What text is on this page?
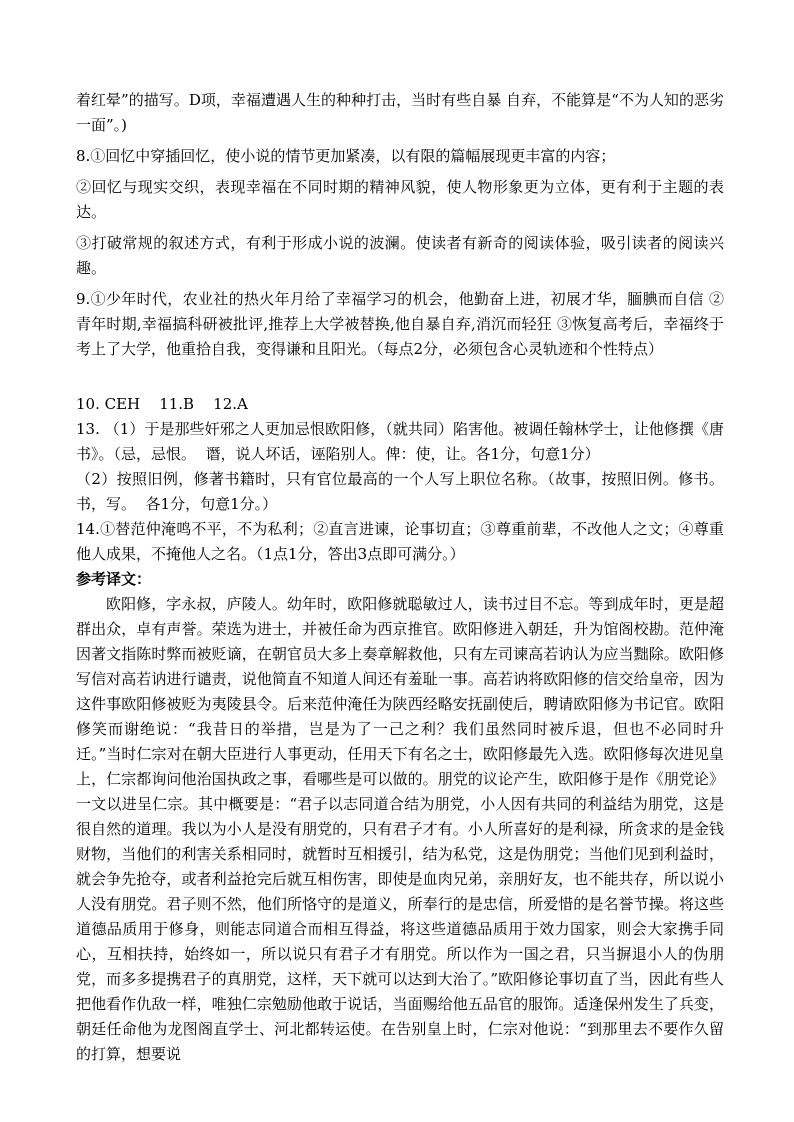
着红晕”的描写。D项，幸福遭遇人生的种种打击，当时有些自暴 自弃，不能算是“不为人知的恶劣一面”。)

8.①回忆中穿插回忆，使小说的情节更加紧凑，以有限的篇幅展现更丰富的内容；

②回忆与现实交织，表现幸福在不同时期的精神风貌，使人物形象更为立体，更有利于主题的表达。

③打破常规的叙述方式，有利于形成小说的波澜。使读者有新奇的阅读体验，吸引读者的阅读兴趣。

9.①少年时代，农业社的热火年月给了幸福学习的机会，他勤奋上进，初展才华，腼腆而自信 ②青年时期,幸福搞科研被批评,推荐上大学被替换,他自暴自弃,消沉而轻狂 ③恢复高考后，幸福终于考上了大学，他重拾自我，变得谦和且阳光。（每点2分，必须包含心灵轨迹和个性特点）

10. CEH    11.B    12.A

13. （1）于是那些奸邪之人更加忌恨欧阳修，（就共同）陷害他。被调任翰林学士，让他修撰《唐书》。（忌，忌恨。  谮，说人坏话，诬陷别人。俾：使，让。各1分，句意1分）

（2）按照旧例，修著书籍时，只有官位最高的一个人写上职位名称。（故事，按照旧例。修书。书，写。  各1分，句意1分。）

14.①替范仲淹鸣不平，不为私利；②直言进谏，论事切直；③尊重前辈，不改他人之文；④尊重他人成果，不掩他人之名。（1点1分，答出3点即可满分。）

参考译文：

欧阳修，字永叔，庐陵人。幼年时，欧阳修就聪敏过人，读书过目不忘。等到成年时，更是超群出众，卓有声誉。荣选为进士，并被任命为西京推官。欧阳修进入朝廷，升为馆阁校勘。范仲淹因著文指陈时弊而被贬谪，在朝官员大多上奏章解救他，只有左司谏高若讷认为应当黜除。欧阳修写信对高若讷进行谴责，说他简直不知道人间还有羞耻一事。高若讷将欧阳修的信交给皇帝，因为这件事欧阳修被贬为夷陵县令。后来范仲淹任为陕西经略安抚副使后，聘请欧阳修为书记官。欧阳修笑而谢绝说：“我昔日的举措，岂是为了一己之利？我们虽然同时被斥退，但也不必同时升迁。”当时仁宗对在朝大臣进行人事更动，任用天下有名之士，欧阳修最先入选。欧阳修每次进见皇上，仁宗都询问他治国执政之事，看哪些是可以做的。朋党的议论产生，欧阳修于是作《朋党论》一文以进呈仁宗。其中概要是：“君子以志同道合结为朋党，小人因有共同的利益结为朋党，这是很自然的道理。我以为小人是没有朋党的，只有君子才有。小人所喜好的是利禄，所贪求的是金钱财物，当他们的利害关系相同时，就暂时互相援引，结为私党，这是伪朋党；当他们见到利益时，就会争先抢夺，或者利益抢完后就互相伤害，即使是血肉兄弟，亲朋好友，也不能共存，所以说小人没有朋党。君子则不然，他们所恪守的是道义，所奉行的是忠信，所爱惜的是名誉节操。将这些道德品质用于修身，则能志同道合而相互得益，将这些道德品质用于效力国家，则会大家携手同心，互相扶持，始终如一，所以说只有君子才有朋党。所以作为一国之君，只当摒退小人的伪朋党，而多多提携君子的真朋党，这样，天下就可以达到大治了。”欧阳修论事切直了当，因此有些人把他看作仇敌一样，唯独仁宗勉励他敢于说话，当面赐给他五品官的服饰。适逢保州发生了兵变，朝廷任命他为龙图阁直学士、河北都转运使。在告别皇上时，仁宗对他说：“到那里去不要作久留的打算，想要说
